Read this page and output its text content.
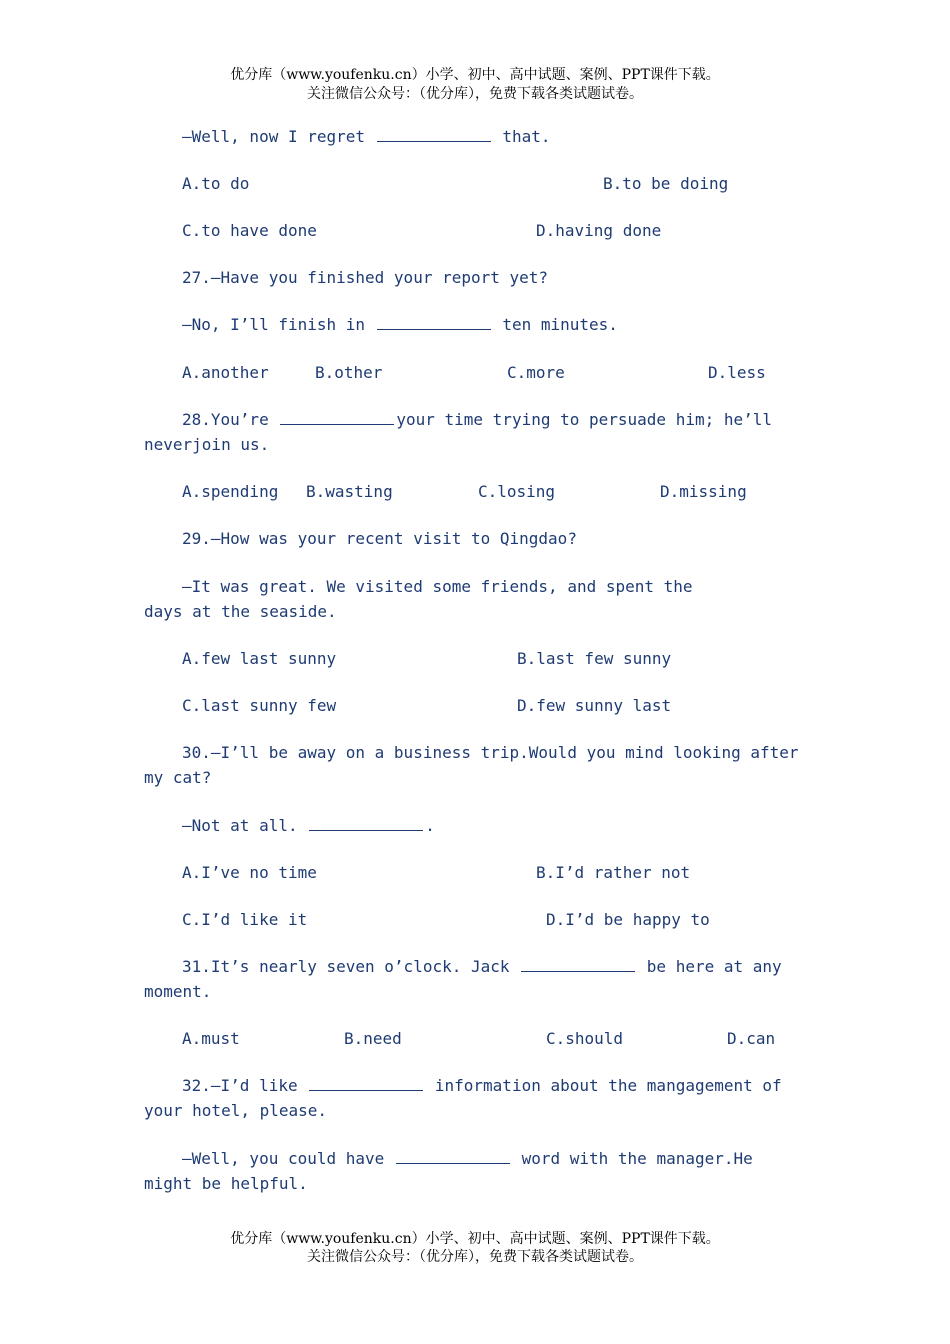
优分库（www.youfenku.cn）小学、初中、高中试题、案例、PPT课件下载。
关注微信公众号：（优分库），免费下载各类试题试卷。
—Well, now I regret	that.
A.to do	B.to be doing
C.to have done	D.having done
27.—Have you finished your report yet?
—No, I’ll finish in	ten minutes.
A.another	B.other	C.more	D.less
28.You’re	your time trying to persuade him; he’ll
neverjoin us.
A.spending B.wasting	C.losing	D.missing
29.—How was your recent visit to Qingdao?
—It was great. We visited some friends, and spent the
days at the seaside.
A.few last sunny	B.last few sunny
C.last sunny few	D.few sunny last
30.—I’ll be away on a business trip.Would you mind looking after
my cat?
—Not at all.	.
A.I’ve no time	B.I’d rather not
C.I’d like it	D.I’d be happy to
31.It’s nearly seven o’clock. Jack	be here at any
moment.
A.must	B.need	C.should	D.can
32.—I’d like	information about the mangagement of
your hotel, please.
—Well, you could have	word with the manager.He
might be helpful.
优分库（www.youfenku.cn）小学、初中、高中试题、案例、PPT课件下载。
关注微信公众号：（优分库），免费下载各类试题试卷。
